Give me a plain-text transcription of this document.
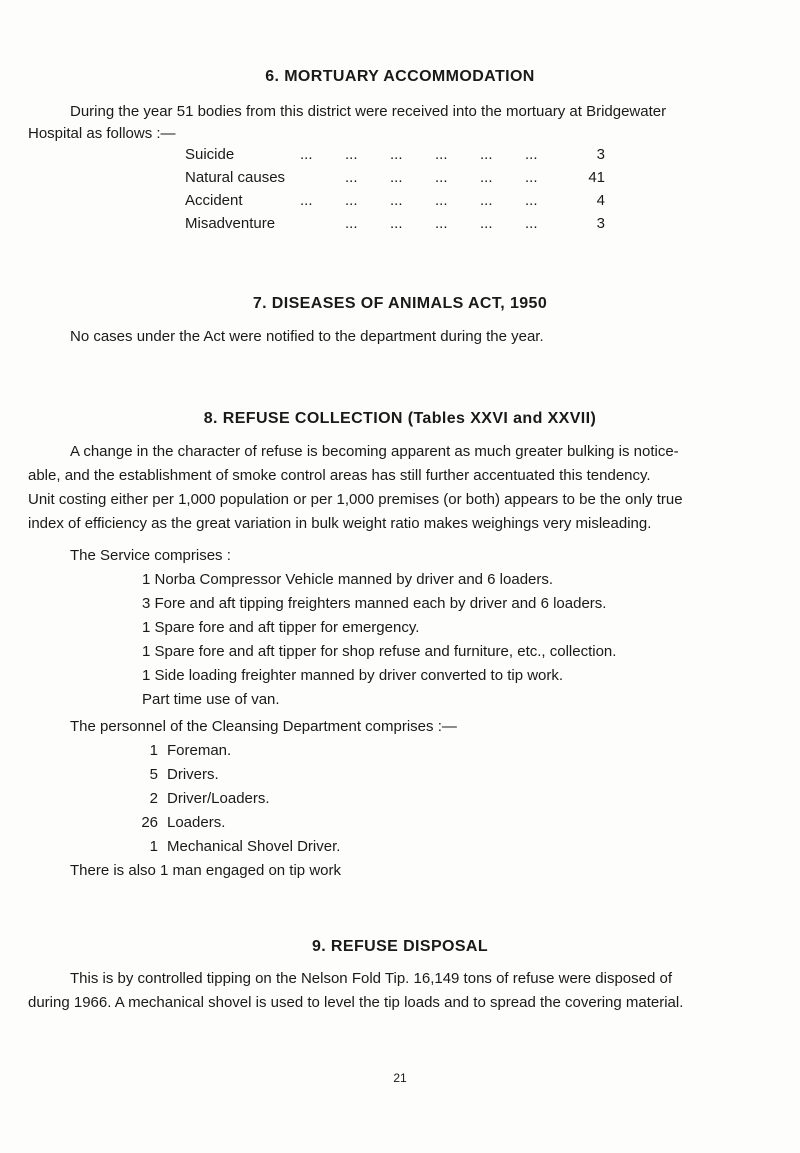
6. MORTUARY ACCOMMODATION
During the year 51 bodies from this district were received into the mortuary at Bridgewater
Hospital as follows :—
Suicide	... ... ... ... ... ...	3
Natural causes	... ... ... ... ...	41
Accident	... ... ... ... ... ...	4
Misadventure	... ... ... ... ...	3
7. DISEASES OF ANIMALS ACT, 1950
No cases under the Act were notified to the department during the year.
8. REFUSE COLLECTION (Tables XXVI and XXVII)
A change in the character of refuse is becoming apparent as much greater bulking is notice-
able, and the establishment of smoke control areas has still further accentuated this tendency.
Unit costing either per 1,000 population or per 1,000 premises (or both) appears to be the only true
index of efficiency as the great variation in bulk weight ratio makes weighings very misleading.
The Service comprises :
1 Norba Compressor Vehicle manned by driver and 6 loaders.
3 Fore and aft tipping freighters manned each by driver and 6 loaders.
1 Spare fore and aft tipper for emergency.
1 Spare fore and aft tipper for shop refuse and furniture, etc., collection.
1 Side loading freighter manned by driver converted to tip work.
Part time use of van.
The personnel of the Cleansing Department comprises :—
1 Foreman.
5 Drivers.
2 Driver/Loaders.
26 Loaders.
1 Mechanical Shovel Driver.
There is also 1 man engaged on tip work
9. REFUSE DISPOSAL
This is by controlled tipping on the Nelson Fold Tip. 16,149 tons of refuse were disposed of
during 1966. A mechanical shovel is used to level the tip loads and to spread the covering material.
21
